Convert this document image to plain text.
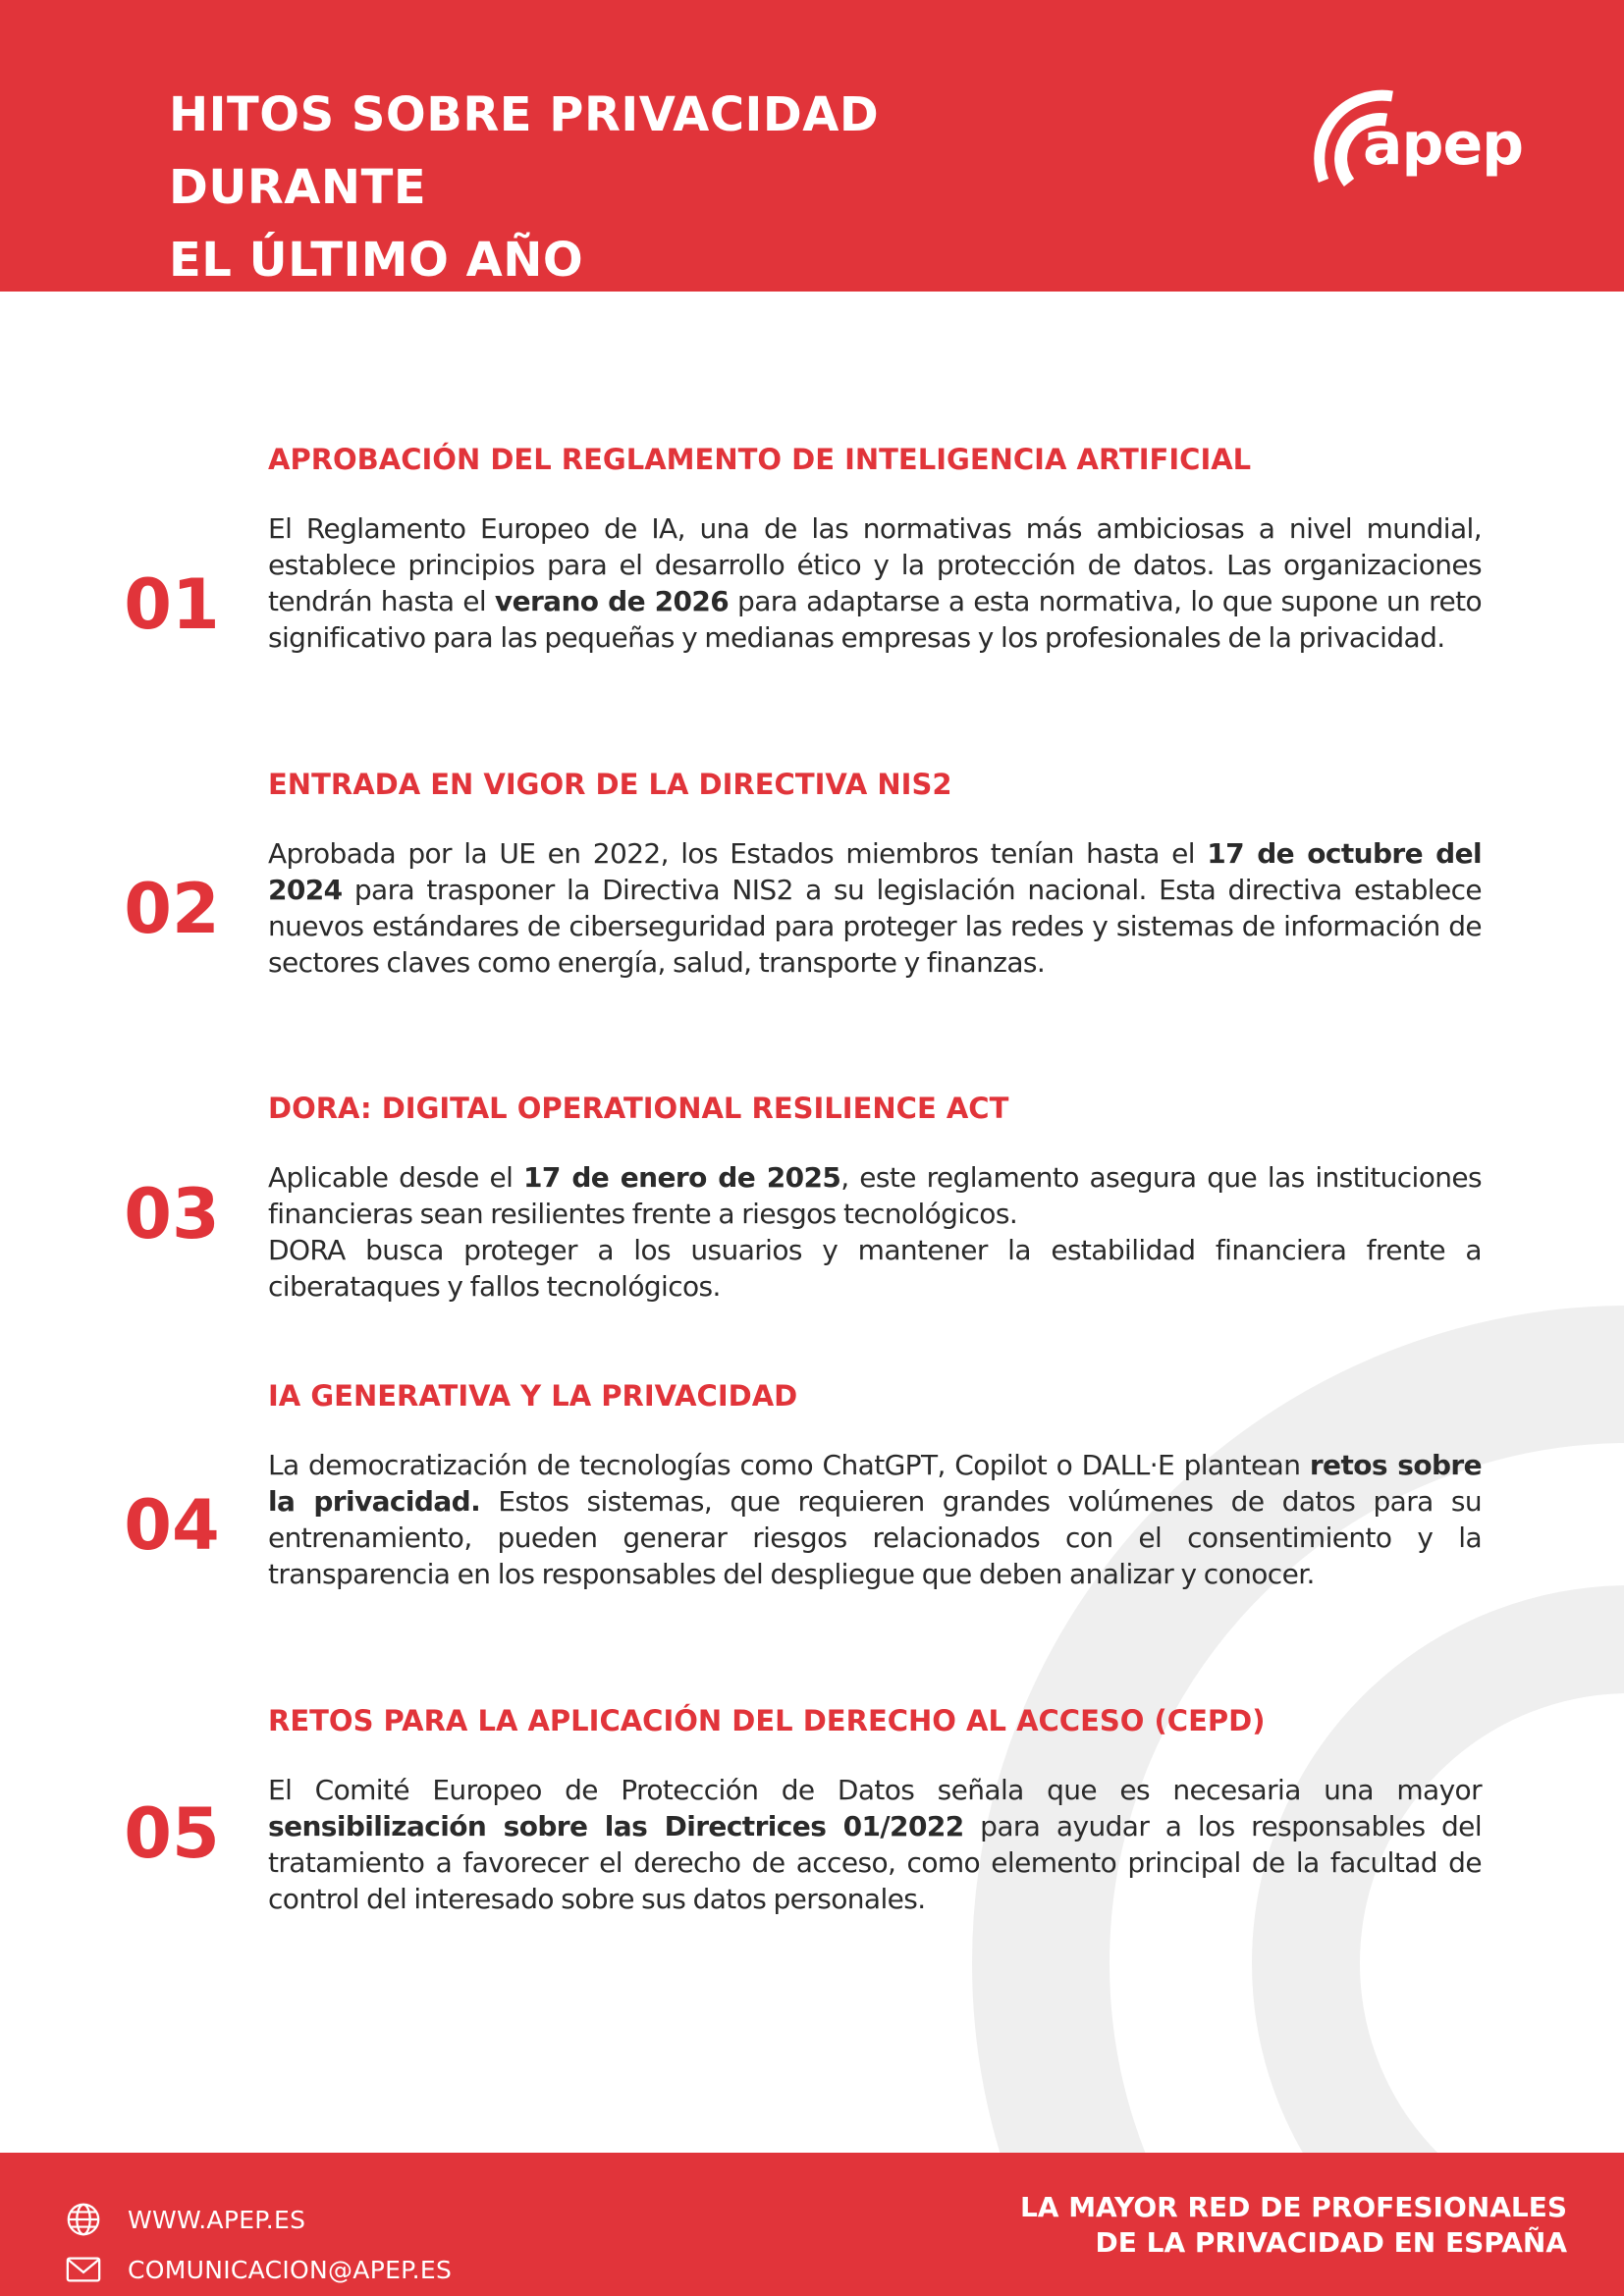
HITOS SOBRE PRIVACIDAD DURANTE
EL ÚLTIMO AÑO
apep
01
APROBACIÓN DEL REGLAMENTO DE INTELIGENCIA ARTIFICIAL

El Reglamento Europeo de IA, una de las normativas más ambiciosas a nivel mundial, establece principios para el desarrollo ético y la protección de datos. Las organizaciones tendrán hasta el verano de 2026 para adaptarse a esta normativa, lo que supone un reto significativo para las pequeñas y medianas empresas y los profesionales de la privacidad.

02
ENTRADA EN VIGOR DE LA DIRECTIVA NIS2

Aprobada por la UE en 2022, los Estados miembros tenían hasta el 17 de octubre del 2024 para trasponer la Directiva NIS2 a su legislación nacional. Esta directiva establece nuevos estándares de ciberseguridad para proteger las redes y sistemas de información de sectores claves como energía, salud, transporte y finanzas.

03
DORA: DIGITAL OPERATIONAL RESILIENCE ACT

Aplicable desde el 17 de enero de 2025, este reglamento asegura que las instituciones financieras sean resilientes frente a riesgos tecnológicos.
DORA busca proteger a los usuarios y mantener la estabilidad financiera frente a ciberataques y fallos tecnológicos.

04
IA GENERATIVA Y LA PRIVACIDAD

La democratización de tecnologías como ChatGPT, Copilot o DALL·E plantean retos sobre la privacidad. Estos sistemas, que requieren grandes volúmenes de datos para su entrenamiento, pueden generar riesgos relacionados con el consentimiento y la transparencia en los responsables del despliegue que deben analizar y conocer.

05
RETOS PARA LA APLICACIÓN DEL DERECHO AL ACCESO (CEPD)

El Comité Europeo de Protección de Datos señala que es necesaria una mayor sensibilización sobre las Directrices 01/2022 para ayudar a los responsables del tratamiento a favorecer el derecho de acceso, como elemento principal de la facultad de control del interesado sobre sus datos personales.

WWW.APEP.ES
COMUNICACION@APEP.ES

LA MAYOR RED DE PROFESIONALES
DE LA PRIVACIDAD EN ESPAÑA
